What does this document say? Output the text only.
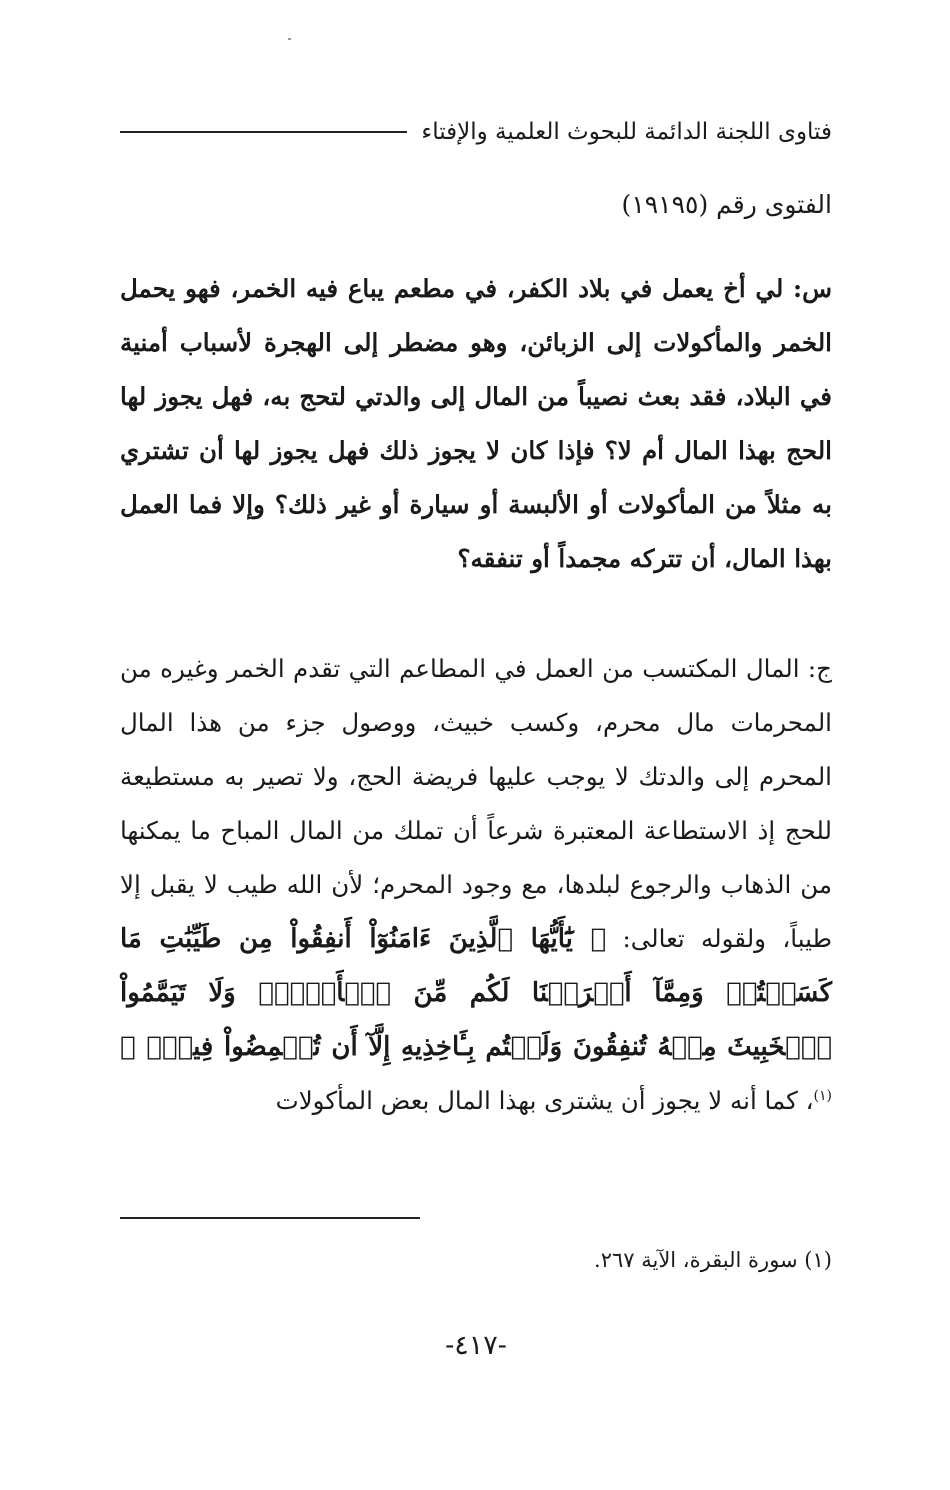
فتاوى اللجنة الدائمة للبحوث العلمية والإفتاء
الفتوى رقم (١٩١٩٥)

س: لي أخ يعمل في بلاد الكفر، في مطعم يباع فيه الخمر، فهو يحمل الخمر والمأكولات إلى الزبائن، وهو مضطر إلى الهجرة لأسباب أمنية في البلاد، فقد بعث نصيباً من المال إلى والدتي لتحج به، فهل يجوز لها الحج بهذا المال أم لا؟ فإذا كان لا يجوز ذلك فهل يجوز لها أن تشتري به مثلاً من المأكولات أو الألبسة أو سيارة أو غير ذلك؟ وإلا فما العمل بهذا المال، أن تتركه مجمداً أو تنفقه؟

ج: المال المكتسب من العمل في المطاعم التي تقدم الخمر وغيره من المحرمات مال محرم، وكسب خبيث، ووصول جزء من هذا المال المحرم إلى والدتك لا يوجب عليها فريضة الحج، ولا تصير به مستطيعة للحج إذ الاستطاعة المعتبرة شرعاً أن تملك من المال المباح ما يمكنها من الذهاب والرجوع لبلدها، مع وجود المحرم؛ لأن الله طيب لا يقبل إلا طيباً، ولقوله تعالى: ﴿ يَٰٓأَيُّهَا ٱلَّذِينَ ءَامَنُوٓاْ أَنفِقُواْ مِن طَيِّبَٰتِ مَا كَسَبۡتُمۡ وَمِمَّآ أَخۡرَجۡنَا لَكُم مِّنَ ٱلۡأَرۡضِۖ وَلَا تَيَمَّمُواْ ٱلۡخَبِيثَ مِنۡهُ تُنفِقُونَ وَلَسۡتُم بِـَٔاخِذِيهِ إِلَّآ أَن تُغۡمِضُواْ فِيهِۚ ﴾$^{(١)}$، كما أنه لا يجوز أن يشترى بهذا المال بعض المأكولات

(١) سورة البقرة، الآية ٢٦٧.
-٤١٧-
